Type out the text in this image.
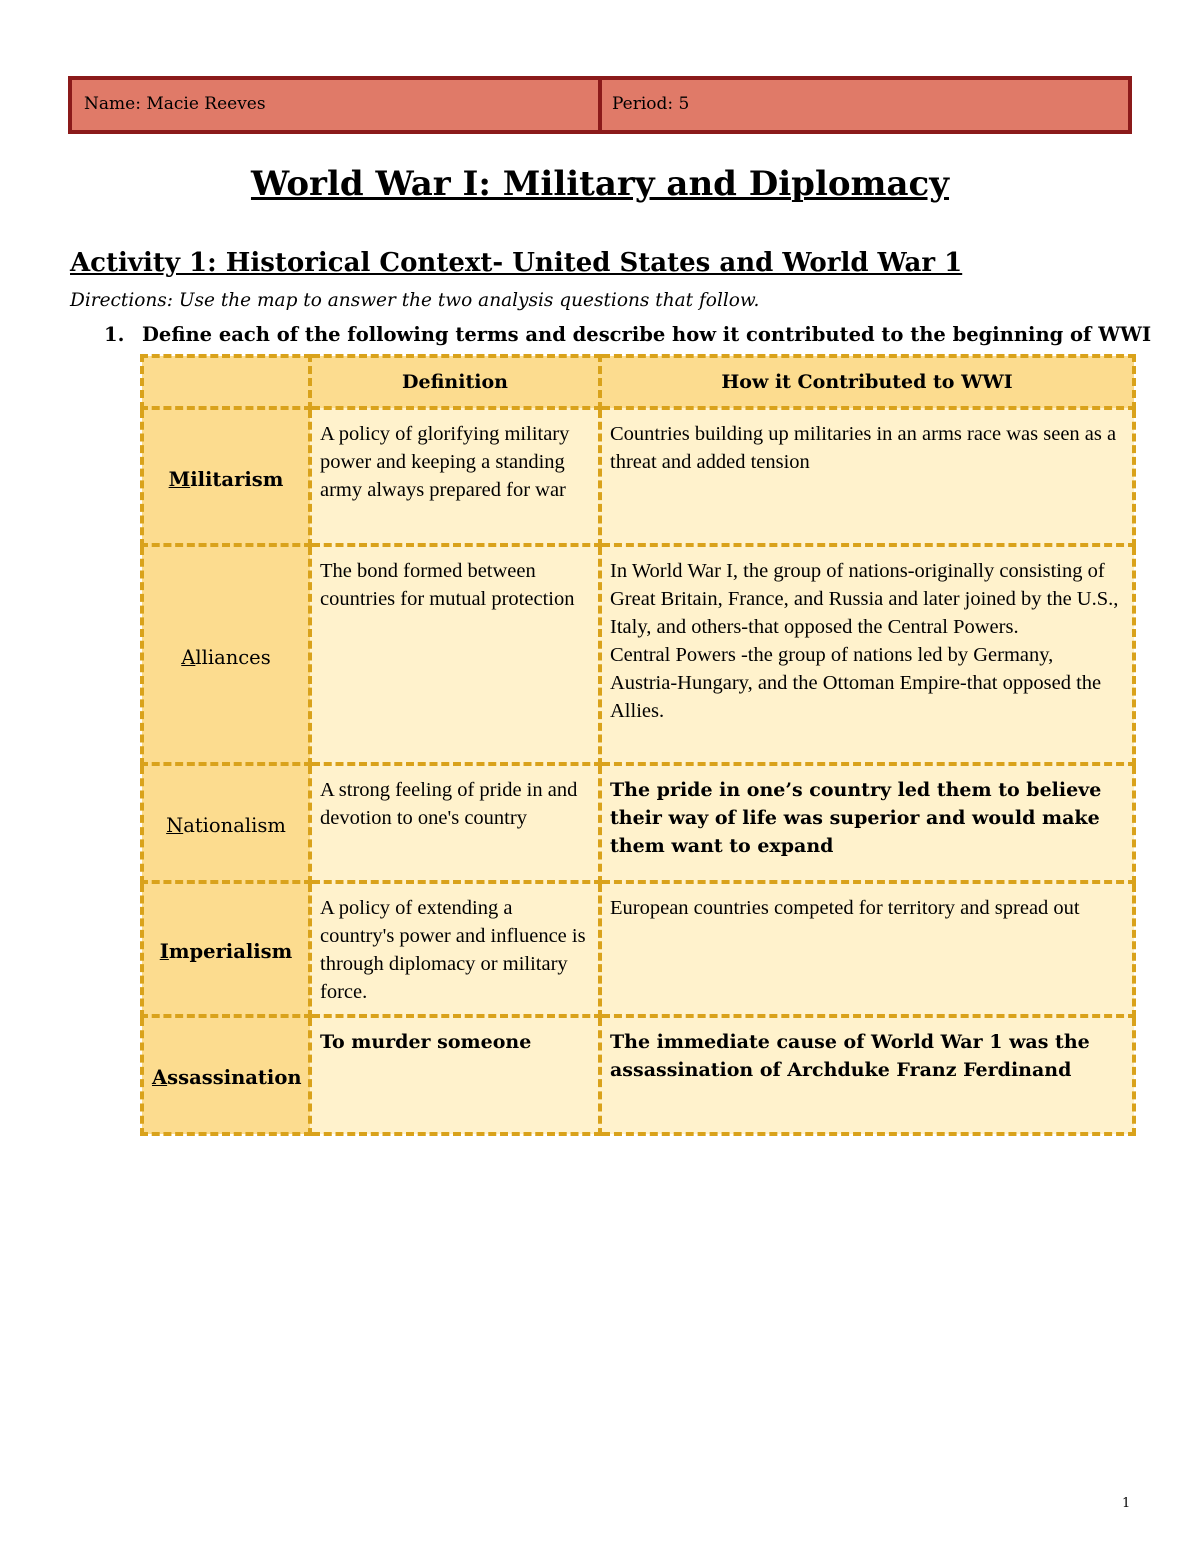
Name: Macie Reeves	Period: 5
World War I: Military and Diplomacy
Activity 1: Historical Context- United States and World War 1
Directions: Use the map to answer the two analysis questions that follow.
1. Define each of the following terms and describe how it contributed to the beginning of WWI
	Definition	How it Contributed to WWI
Militarism	A policy of glorifying military power and keeping a standing army always prepared for war	Countries building up militaries in an arms race was seen as a threat and added tension
Alliances	The bond formed between countries for mutual protection	In World War I, the group of nations-originally consisting of Great Britain, France, and Russia and later joined by the U.S., Italy, and others-that opposed the Central Powers.
Central Powers -the group of nations led by Germany, Austria-Hungary, and the Ottoman Empire-that opposed the Allies.

Nationalism	A strong feeling of pride in and devotion to one's country	The pride in one’s country led them to believe their way of life was superior and would make them want to expand
Imperialism	A policy of extending a country's power and influence is through diplomacy or military force.	European countries competed for territory and spread out
Assassination	To murder someone	The immediate cause of World War 1 was the assassination of Archduke Franz Ferdinand
1
